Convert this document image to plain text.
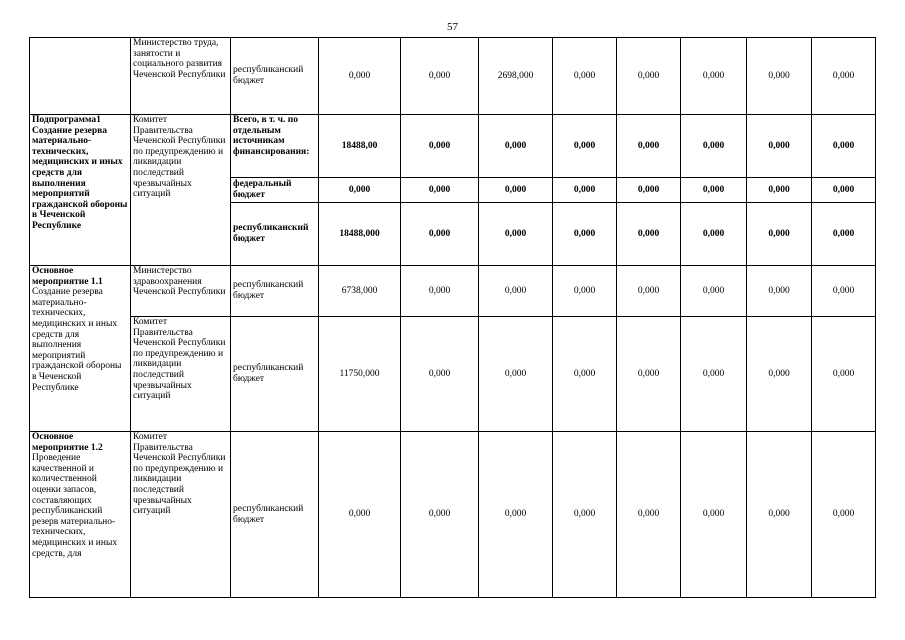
57
	Министерство труда, занятости и социального развития Чеченской Республики	республиканский бюджет	0,000	0,000	2698,000	0,000	0,000	0,000	0,000	0,000
Подпрограмма1 Создание резерва материально-технических, медицинских и иных средств для выполнения мероприятий гражданской обороны в Чеченской Республике	Комитет Правительства Чеченской Республики по предупреждению и ликвидации последствий чрезвычайных ситуаций	Всего, в т. ч. по отдельным источникам финансирования:	18488,00	0,000	0,000	0,000	0,000	0,000	0,000	0,000
		федеральный бюджет	0,000	0,000	0,000	0,000	0,000	0,000	0,000	0,000
		республиканский бюджет	18488,000	0,000	0,000	0,000	0,000	0,000	0,000	0,000

Основное мероприятие 1.1
Создание резерва материально-технических, медицинских и иных средств для выполнения мероприятий гражданской обороны в Чеченской Республике	Министерство здравоохранения Чеченской Республики	республиканский бюджет	6738,000	0,000	0,000	0,000	0,000	0,000	0,000	0,000
	Комитет Правительства Чеченской Республики по предупреждению и ликвидации последствий чрезвычайных ситуаций	республиканский бюджет	11750,000	0,000	0,000	0,000	0,000	0,000	0,000	0,000

Основное мероприятие 1.2
Проведение качественной и количественной оценки запасов, составляющих республиканский резерв материально-технических, медицинских и иных средств, для	Комитет Правительства Чеченской Республики по предупреждению и ликвидации последствий чрезвычайных ситуаций	республиканский бюджет	0,000	0,000	0,000	0,000	0,000	0,000	0,000	0,000
